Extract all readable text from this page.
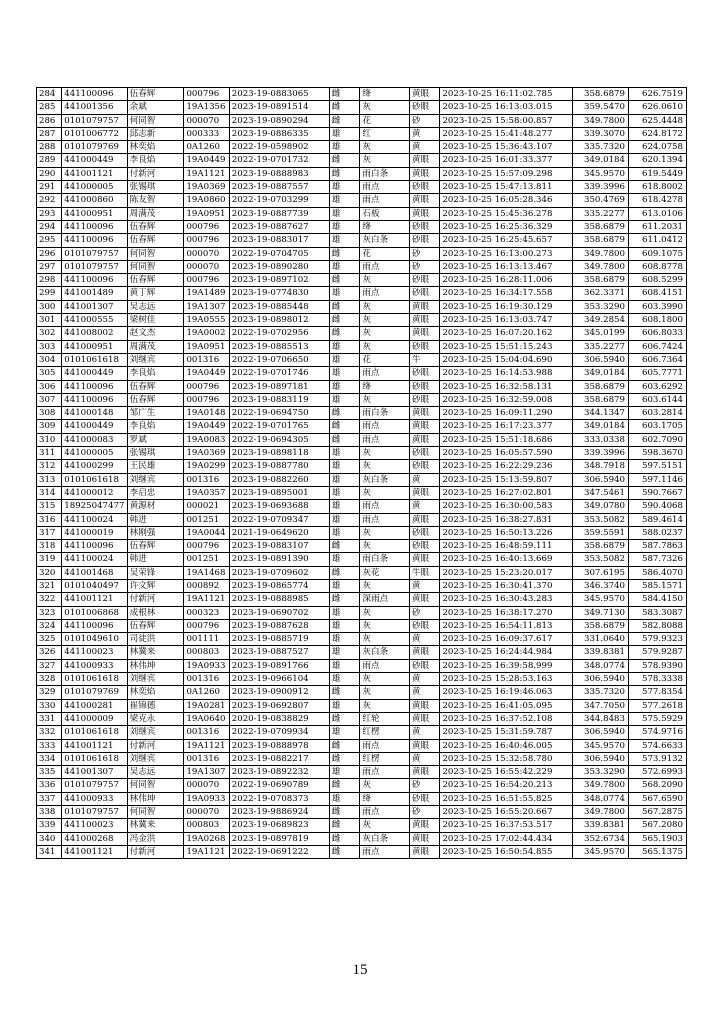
284	441100096	伍春辉	000796	2023-19-0883065	雌	绛	黄眼	2023-10-25 16:11:02.785	358.6879	626.7519
285	441001356	余斌	19A1356	2023-19-0891514	雌	灰	砂眼	2023-10-25 16:13:03.015	359.5470	626.0610
286	0101079757	何同智	000070	2023-19-0890294	雌	花	砂	2023-10-25 15:58:00.857	349.7800	625.4448
287	0101006772	邱志新	000333	2023-19-0886335	雄	红	黄	2023-10-25 15:41:48.277	339.3070	624.8172
288	0101079769	林奕焰	0A1260	2022-19-0598902	雄	灰	黄	2023-10-25 15:36:43.107	335.7320	624.0758
289	441000449	李良焰	19A0449	2022-19-0701732	雌	灰	黄眼	2023-10-25 16:01:33.377	349.0184	620.1394
290	441001121	付新河	19A1121	2023-19-0888983	雌	雨白条	黄眼	2023-10-25 15:57:09.298	345.9570	619.5449
291	441000005	张锡琪	19A0369	2023-19-0887557	雄	雨点	砂眼	2023-10-25 15:47:13.811	339.3996	618.8002
292	441000860	陈友智	19A0860	2022-19-0703299	雄	雨点	黄眼	2023-10-25 16:05:28.346	350.4769	618.4278
293	441000951	周满茂	19A0951	2023-19-0887739	雄	石板	黄眼	2023-10-25 15:45:36.278	335.2277	613.0106
294	441100096	伍春辉	000796	2023-19-0887627	雄	绛	砂眼	2023-10-25 16:25:36.329	358.6879	611.2031
295	441100096	伍春辉	000796	2023-19-0883017	雄	灰白条	砂眼	2023-10-25 16:25:45.657	358.6879	611.0412
296	0101079757	何同智	000070	2022-19-0704705	雌	花	砂	2023-10-25 16:13:00.273	349.7800	609.1075
297	0101079757	何同智	000070	2023-19-0890280	雄	雨点	砂	2023-10-25 16:13:13.467	349.7800	608.8778
298	441100096	伍春辉	000796	2023-19-0897102	雌	灰	砂眼	2023-10-25 16:28:11.006	358.6879	608.5299
299	441001489	黄丁辉	19A1489	2023-19-0774830	雄	雨点	砂眼	2023-10-25 16:34:17.558	362.3371	608.4151
300	441001307	吴志远	19A1307	2023-19-0885448	雌	灰	黄眼	2023-10-25 16:19:30.129	353.3290	603.3990
301	441000555	梁树佳	19A0555	2023-19-0898012	雌	灰	黄眼	2023-10-25 16:13:03.747	349.2854	608.1800
302	441008002	赵文杰	19A0002	2022-19-0702956	雌	灰	黄眼	2023-10-25 16:07:20.162	345.0199	606.8033
303	441000951	周满茂	19A0951	2023-19-0885513	雄	灰	砂眼	2023-10-25 15:51:15.243	335.2277	606.7424
304	0101061618	刘继宾	001316	2022-19-0706650	雄	花	牛	2023-10-25 15:04:04.690	306.5940	606.7364
305	441000449	李良焰	19A0449	2022-19-0701746	雄	雨点	砂眼	2023-10-25 16:14:53.988	349.0184	605.7771
306	441100096	伍春辉	000796	2023-19-0897181	雄	绛	砂眼	2023-10-25 16:32:58.131	358.6879	603.6292
307	441100096	伍春辉	000796	2023-19-0883119	雄	灰	砂眼	2023-10-25 16:32:59.008	358.6879	603.6144
308	441000148	邹广生	19A0148	2022-19-0694750	雌	雨白条	黄眼	2023-10-25 16:09:11.290	344.1347	603.2814
309	441000449	李良焰	19A0449	2022-19-0701765	雌	雨点	黄眼	2023-10-25 16:17:23.377	349.0184	603.1705
310	441000083	罗斌	19A0083	2022-19-0694305	雌	雨点	黄眼	2023-10-25 15:51:18.686	333.0338	602.7090
311	441000005	张锡琪	19A0369	2023-19-0898118	雄	灰	砂眼	2023-10-25 16:05:57.590	339.3996	598.3670
312	441000299	王民雄	19A0299	2023-19-0887780	雄	灰	砂眼	2023-10-25 16:22:29.236	348.7918	597.5151
313	0101061618	刘继宾	001316	2023-19-0882260	雄	灰白条	黄	2023-10-25 15:13:59.807	306.5940	597.1146
314	441000012	李启忠	19A0357	2023-19-0895001	雄	灰	黄眼	2023-10-25 16:27:02.801	347.5461	590.7667
315	18925047477	黄源材	000021	2023-19-0693688	雄	雨点	黄	2023-10-25 16:30:00.583	349.0780	590.4068
316	441100024	韩进	001251	2022-19-0709347	雄	雨点	黄眼	2023-10-25 16:38:27.831	353.5082	589.4614
317	441000019	林刚强	19A0044	2021-19-0649620	雄	灰	砂眼	2023-10-25 16:50:13.226	359.5591	588.0237
318	441100096	伍春辉	000796	2023-19-0883107	雌	灰	砂眼	2023-10-25 16:48:59.111	358.6879	587.7863
319	441100024	韩进	001251	2023-19-0891390	雄	雨白条	黄眼	2023-10-25 16:40:13.669	353.5082	587.7326
320	441001468	吴荣锋	19A1468	2023-19-0709602	雌	灰花	牛眼	2023-10-25 15:23:20.017	307.6195	586.4070
321	0101040497	许文辉	000892	2023-19-0865774	雄	灰	黄	2023-10-25 16:30:41.370	346.3740	585.1571
322	441001121	付新河	19A1121	2023-19-0888985	雌	深雨点	黄眼	2023-10-25 16:30:43.283	345.9570	584.4150
323	0101006868	成根林	000323	2023-19-0690702	雄	灰	砂	2023-10-25 16:38:17.270	349.7130	583.3087
324	441100096	伍春辉	000796	2023-19-0887628	雄	灰	砂眼	2023-10-25 16:54:11.813	358.6879	582.8088
325	0101049610	司徒洪	001111	2023-19-0885719	雄	灰	黄	2023-10-25 16:09:37.617	331.0640	579.9323
326	441100023	林冀来	000803	2023-19-0887527	雄	灰白条	黄眼	2023-10-25 16:24:44.984	339.8381	579.9287
327	441000933	林伟坤	19A0933	2023-19-0891766	雄	雨点	砂眼	2023-10-25 16:39:58.999	348.0774	578.9390
328	0101061618	刘继宾	001316	2023-19-0966104	雄	灰	黄	2023-10-25 15:28:53.163	306.5940	578.3338
329	0101079769	林奕焰	0A1260	2023-19-0900912	雌	灰	黄	2023-10-25 16:19:46.063	335.7320	577.8354
330	441000281	崔锦德	19A0281	2023-19-0692807	雄	灰	黄眼	2023-10-25 16:41:05.095	347.7050	577.2618
331	441000009	梁克永	19A0640	2020-19-0838829	雌	红轮	黄眼	2023-10-25 16:37:52.108	344.8483	575.5929
332	0101061618	刘继宾	001316	2022-19-0709934	雄	红楞	黄	2023-10-25 15:31:59.787	306.5940	574.9716
333	441001121	付新河	19A1121	2023-19-0888978	雌	雨点	黄眼	2023-10-25 16:40:46.005	345.9570	574.6633
334	0101061618	刘继宾	001316	2023-19-0882217	雌	红楞	黄	2023-10-25 15:32:58.780	306.5940	573.9132
335	441001307	吴志远	19A1307	2023-19-0892232	雄	雨点	黄眼	2023-10-25 16:55:42.229	353.3290	572.6993
336	0101079757	何同智	000070	2022-19-0690789	雌	灰	砂	2023-10-25 16:54:20.213	349.7800	568.2090
337	441000933	林伟坤	19A0933	2022-19-0708373	雄	绛	砂眼	2023-10-25 16:51:55.825	348.0774	567.6590
338	0101079757	何同智	000070	2023-19-9886924	雌	雨点	砂	2023-10-25 16:55:20.667	349.7800	567.2875
339	441100023	林冀来	000803	2023-19-0689823	雌	灰	黄眼	2023-10-25 16:37:53.517	339.8381	567.2080
340	441000268	冯金洪	19A0268	2023-19-0897819	雌	灰白条	黄眼	2023-10-25 17:02:44.434	352.6734	565.1903
341	441001121	付新河	19A1121	2022-19-0691222	雌	雨点	黄眼	2023-10-25 16:50:54.855	345.9570	565.1375
15
